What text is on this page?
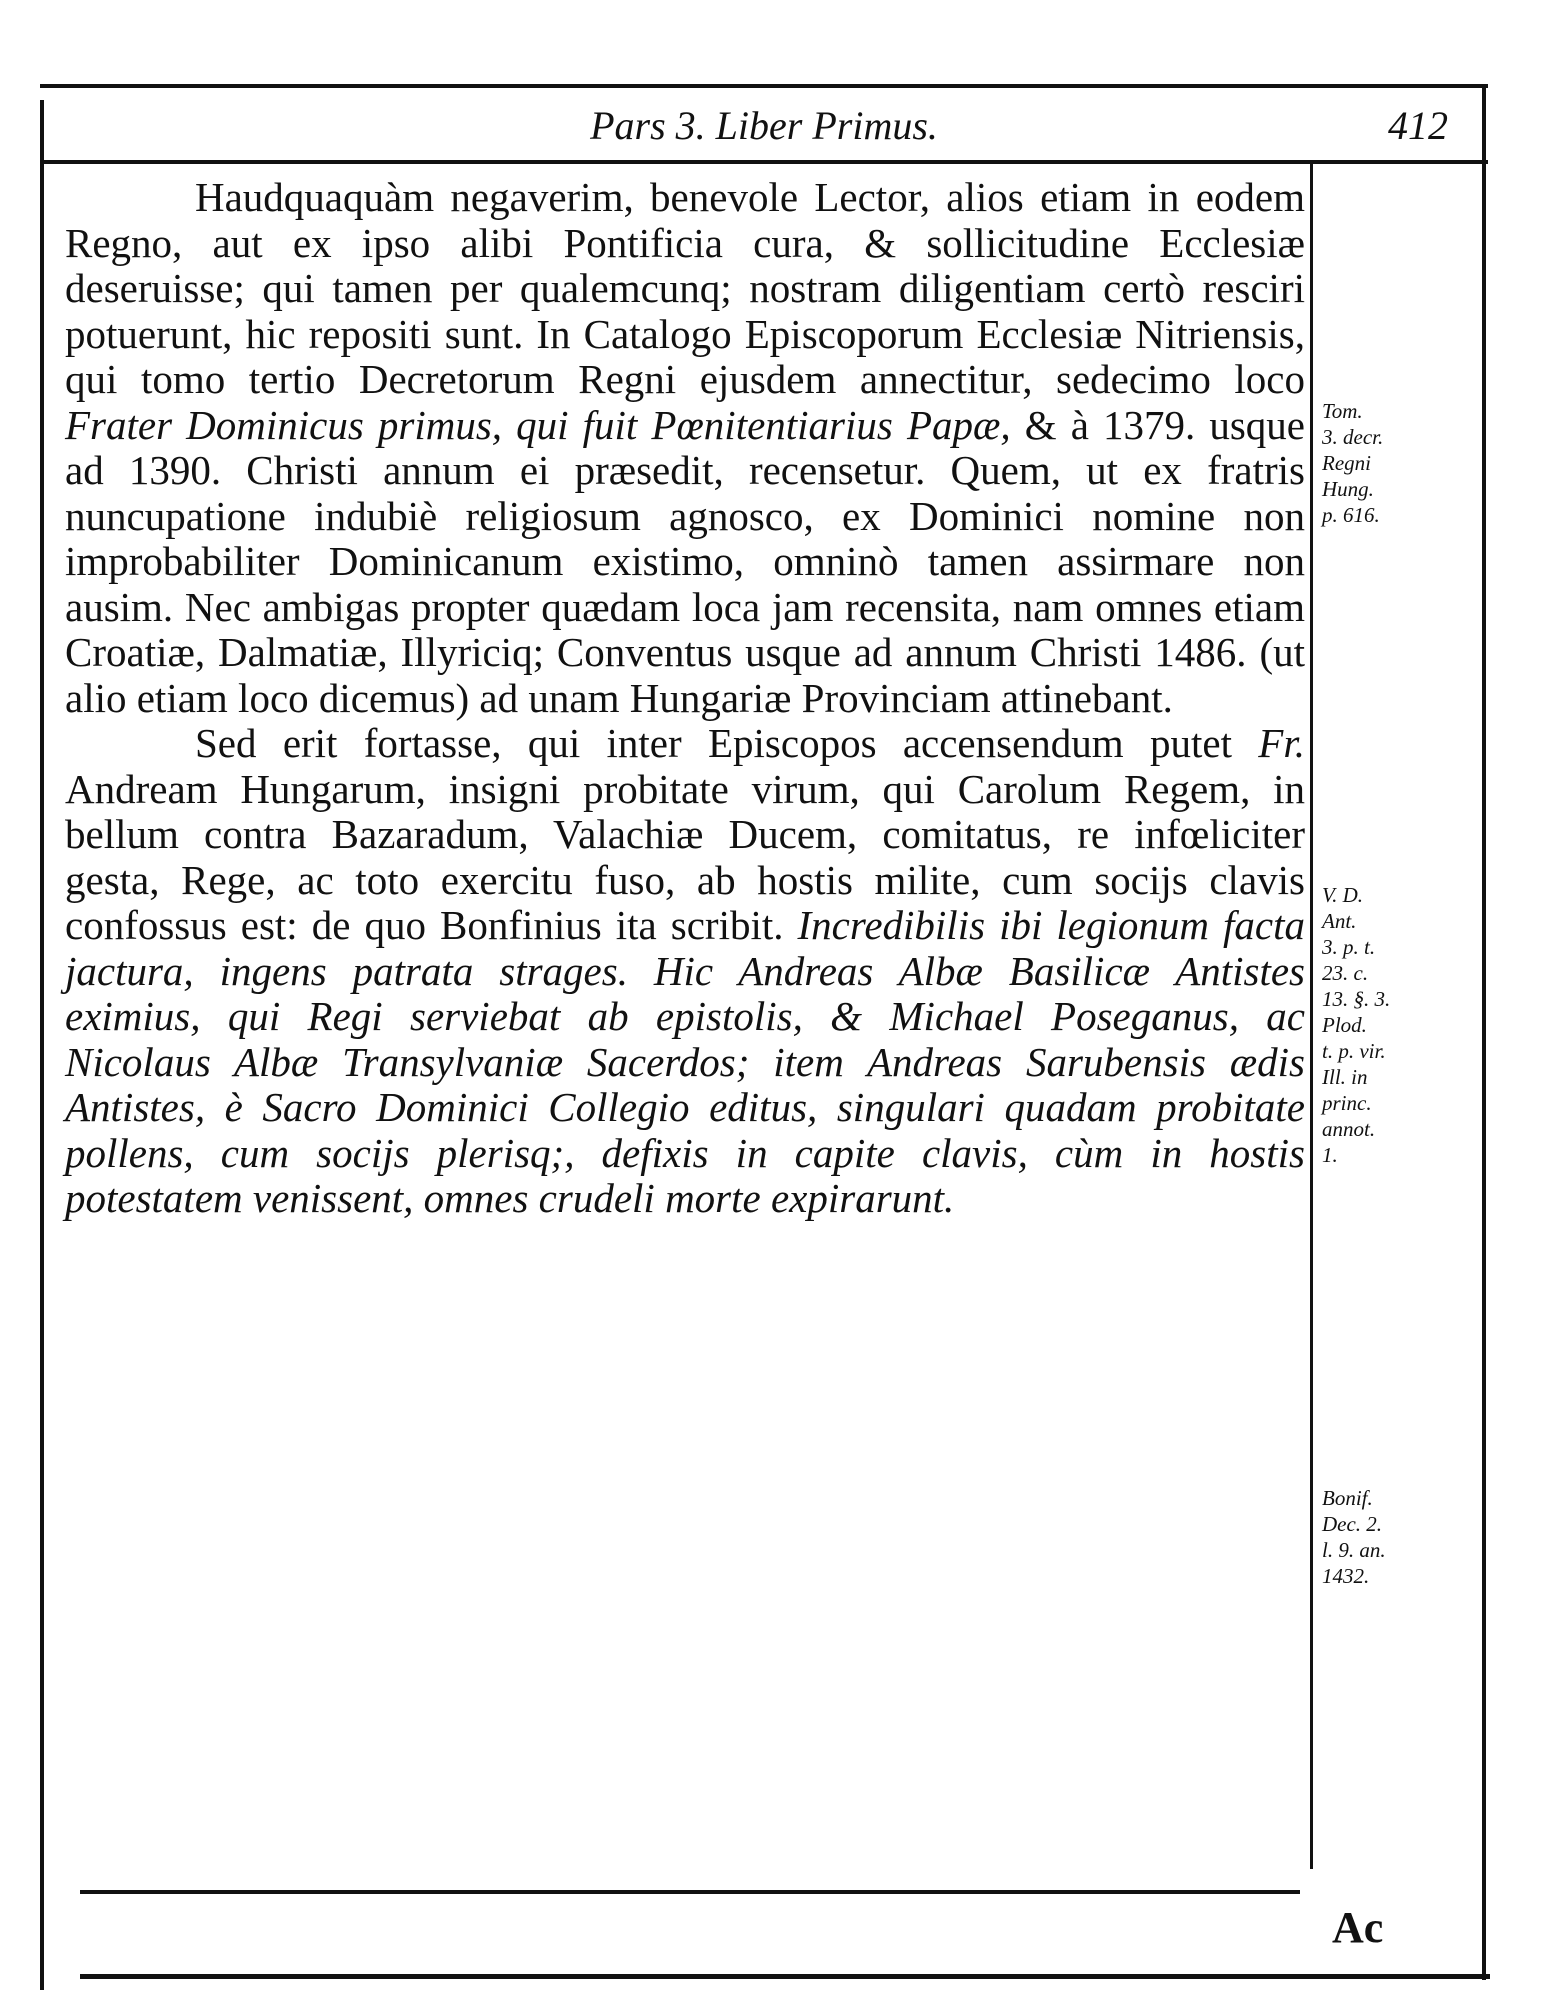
Pars 3. Liber Primus.	412

Haudquaquàm negaverim, benevole Lector, alios etiam in eodem Regno, aut ex ipso alibi Pontificia cura, & sollicitudine Ecclesiæ deseruisse; qui tamen per qualemcunq; nostram diligentiam certò resciri potuerunt, hic repositi sunt. In Catalogo Episcoporum Ecclesiæ Nitriensis, qui tomo tertio Decretorum Regni ejusdem annectitur, sedecimo loco Frater Dominicus primus, qui fuit Pœnitentiarius Papæ, & à 1379. usque ad 1390. Christi annum ei præsedit, recensetur. Quem, ut ex fratris nuncupatione indubiè religiosum agnosco, ex Dominici nomine non improbabiliter Dominicanum existimo, omninò tamen assirmare non ausim. Nec ambigas propter quædam loca jam recensita, nam omnes etiam Croatiæ, Dalmatiæ, Illyriciq; Conventus usque ad annum Christi 1486. (ut alio etiam loco dicemus) ad unam Hungariæ Provinciam attinebant.

Sed erit fortasse, qui inter Episcopos accensendum putet Fr. Andream Hungarum, insigni probitate virum, qui Carolum Regem, in bellum contra Bazaradum, Valachiæ Ducem, comitatus, re infœliciter gesta, Rege, ac toto exercitu fuso, ab hostis milite, cum socijs clavis confossus est: de quo Bonfinius ita scribit. Incredibilis ibi legionum facta jactura, ingens patrata strages. Hic Andreas Albæ Basilicæ Antistes eximius, qui Regi serviebat ab epistolis, & Michael Poseganus, ac Nicolaus Albæ Transylvaniæ Sacerdos; item Andreas Sarubensis ædis Antistes, è Sacro Dominici Collegio editus, singulari quadam probitate pollens, cum socijs plerisq;, defixis in capite clavis, cùm in hostis potestatem venissent, omnes crudeli morte expirarunt.

Tom.
3. decr.
Regni
Hung.
p. 616.
V. D.
Ant.
3. p. t.
23. c.
13. §. 3.
Plod.
t. p. vir.
Ill. in
princ.
annot.
1.
Bonif.
Dec. 2.
l. 9. an.
1432.
Ac
